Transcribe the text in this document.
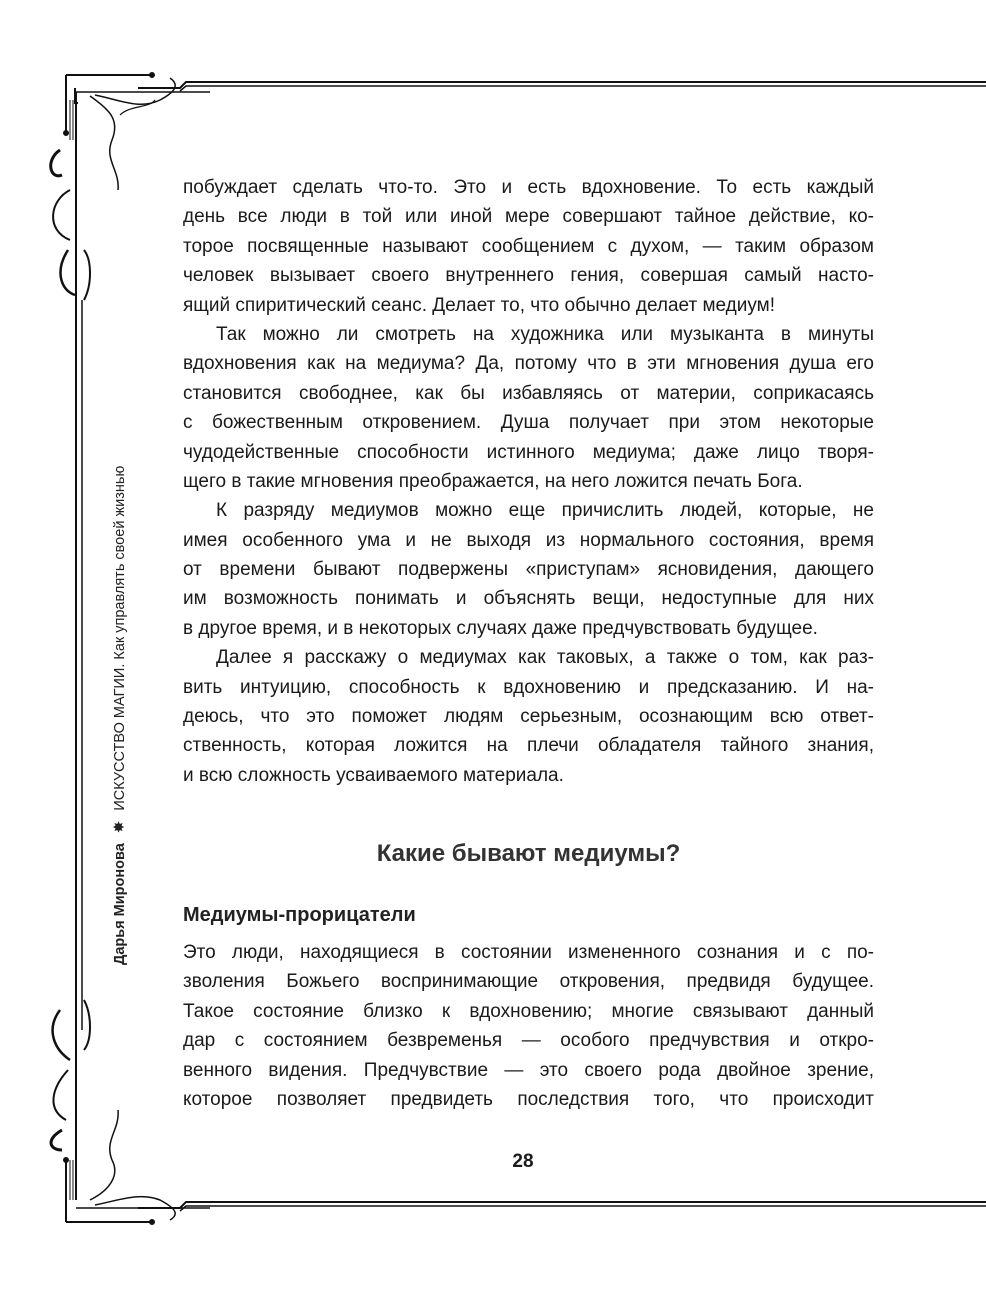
Дарья Миронова✸ИСКУССТВО МАГИИ. Как управлять своей жизнью
побуждает сделать что-то. Это и есть вдохновение. То есть каждый
день все люди в той или иной мере совершают тайное действие, ко-
торое посвященные называют сообщением с духом, — таким образом
человек вызывает своего внутреннего гения, совершая самый насто-
ящий спиритический сеанс. Делает то, что обычно делает медиум!
Так можно ли смотреть на художника или музыканта в минуты
вдохновения как на медиума? Да, потому что в эти мгновения душа его
становится свободнее, как бы избавляясь от материи, соприкасаясь
с божественным откровением. Душа получает при этом некоторые
чудодейственные способности истинного медиума; даже лицо творя-
щего в такие мгновения преображается, на него ложится печать Бога.
К разряду медиумов можно еще причислить людей, которые, не
имея особенного ума и не выходя из нормального состояния, время
от времени бывают подвержены «приступам» ясновидения, дающего
им возможность понимать и объяснять вещи, недоступные для них
в другое время, и в некоторых случаях даже предчувствовать будущее.
Далее я расскажу о медиумах как таковых, а также о том, как раз-
вить интуицию, способность к вдохновению и предсказанию. И на-
деюсь, что это поможет людям серьезным, осознающим всю ответ-
ственность, которая ложится на плечи обладателя тайного знания,
и всю сложность усваиваемого материала.
Какие бывают медиумы?
Медиумы-прорицатели
Это люди, находящиеся в состоянии измененного сознания и с по-
зволения Божьего воспринимающие откровения, предвидя будущее.
Такое состояние близко к вдохновению; многие связывают данный
дар с состоянием безвременья — особого предчувствия и откро-
венного видения. Предчувствие — это своего рода двойное зрение,
которое позволяет предвидеть последствия того, что происходит
28
